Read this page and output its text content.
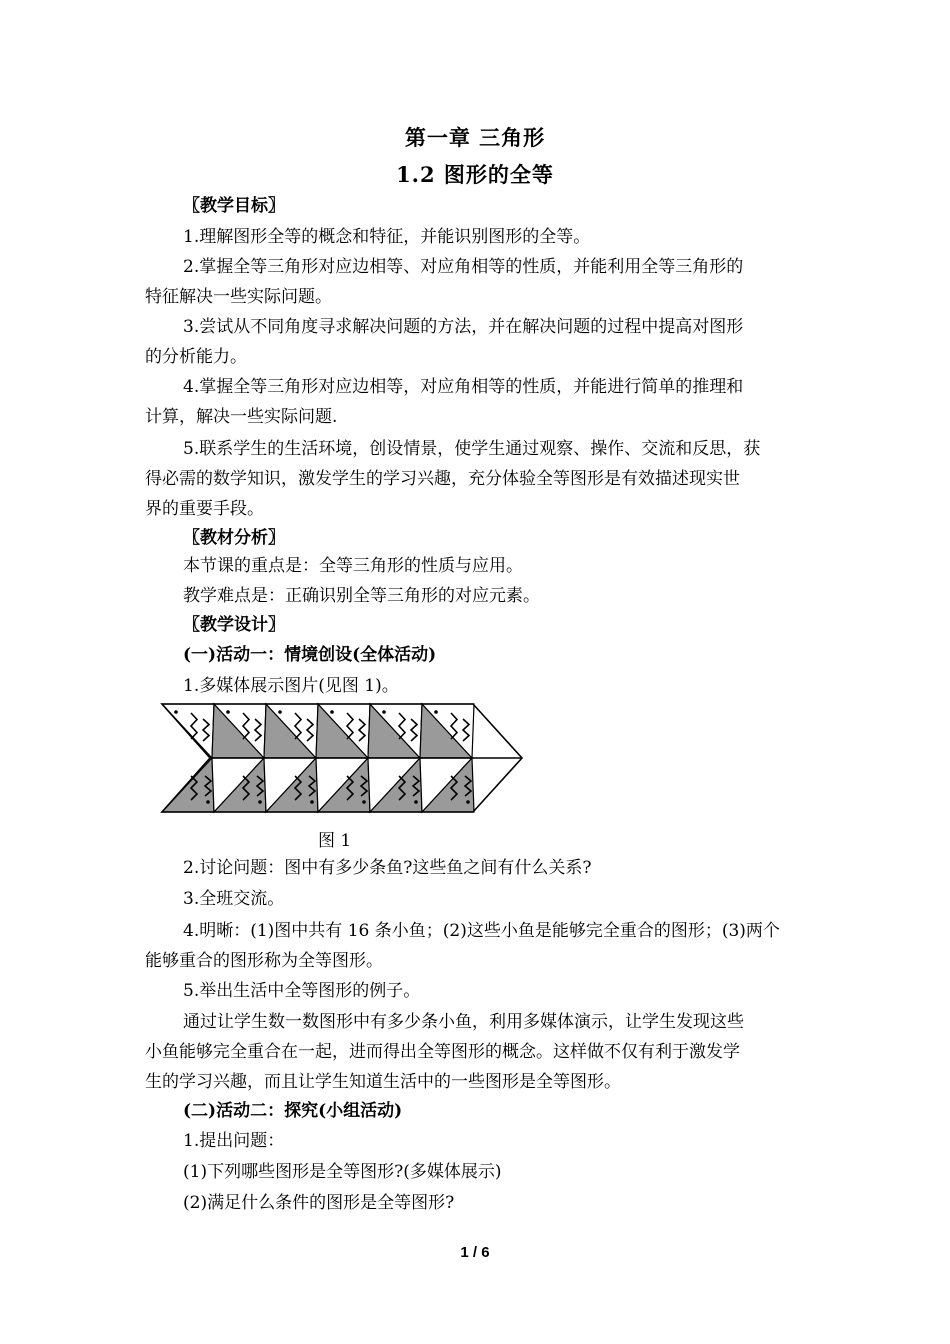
第一章 三角形
1.2 图形的全等
〖教学目标〗
1.理解图形全等的概念和特征，并能识别图形的全等。
2.掌握全等三角形对应边相等、对应角相等的性质，并能利用全等三角形的
特征解决一些实际问题。
3.尝试从不同角度寻求解决问题的方法，并在解决问题的过程中提高对图形
的分析能力。
4.掌握全等三角形对应边相等，对应角相等的性质，并能进行简单的推理和
计算，解决一些实际问题.
5.联系学生的生活环境，创设情景，使学生通过观察、操作、交流和反思，获
得必需的数学知识，激发学生的学习兴趣，充分体验全等图形是有效描述现实世
界的重要手段。
〖教材分析〗
本节课的重点是：全等三角形的性质与应用。
教学难点是：正确识别全等三角形的对应元素。
〖教学设计〗
(一)活动一：情境创设(全体活动)
1.多媒体展示图片(见图 1)。
图 1
2.讨论问题：图中有多少条鱼?这些鱼之间有什么关系?
3.全班交流。
4.明晰：(1)图中共有 16 条小鱼；(2)这些小鱼是能够完全重合的图形；(3)两个
能够重合的图形称为全等图形。
5.举出生活中全等图形的例子。
通过让学生数一数图形中有多少条小鱼，利用多媒体演示，让学生发现这些
小鱼能够完全重合在一起，进而得出全等图形的概念。这样做不仅有利于激发学
生的学习兴趣，而且让学生知道生活中的一些图形是全等图形。
(二)活动二：探究(小组活动)
1.提出问题：
(1)下列哪些图形是全等图形?(多媒体展示)
(2)满足什么条件的图形是全等图形?
1 / 6
